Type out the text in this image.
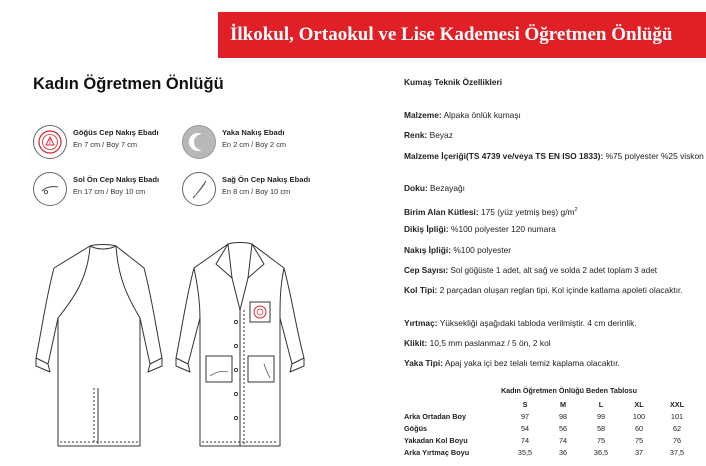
İlkokul, Ortaokul ve Lise Kademesi Öğretmen Önlüğü
Kadın Öğretmen Önlüğü
Göğüs Cep Nakış Ebadı
En 7 cm / Boy 7 cm
Yaka Nakış Ebadı
En 2 cm / Boy 2 cm
Sol Ön Cep Nakış Ebadı
En 17 cm / Boy 10 cm
Sağ Ön Cep Nakış Ebadı
En 8 cm / Boy 10 cm
Kumaş Teknik Özellikleri
Malzeme: Alpaka önlük kumaşı
Renk: Beyaz
Malzeme İçeriği(TS 4739 ve/veya TS EN ISO 1833): %75 polyester %25 viskon
Doku: Bezayağı
Birim Alan Kütlesi: 175 (yüz yetmiş beş) $g/m^2$
Dikiş İpliği: %100 polyester 120 numara
Nakış İpliği: %100 polyester
Cep Sayısı: Sol göğüste 1 adet, alt sağ ve solda 2 adet toplam 3 adet
Kol Tipi: 2 parçadan oluşan reglan tipi. Kol içinde katlama apoleti olacaktır.
Yırtmaç: Yüksekliği aşağıdaki tabloda verilmiştir. 4 cm derinlik.
Klikit: 10,5 mm paslanmaz / 5 ön, 2 kol
Yaka Tipi: Apaj yaka içi bez telalı temiz kaplama olacaktır.
Kadın Öğretmen Önlüğü Beden Tablosu
	S	M	L	XL	XXL
Arka Ortadan Boy	97	98	99	100	101
Göğüs	54	56	58	60	62
Yakadan Kol Boyu	74	74	75	75	76
Arka Yırtmaç Boyu	35,5	36	36,5	37	37,5
